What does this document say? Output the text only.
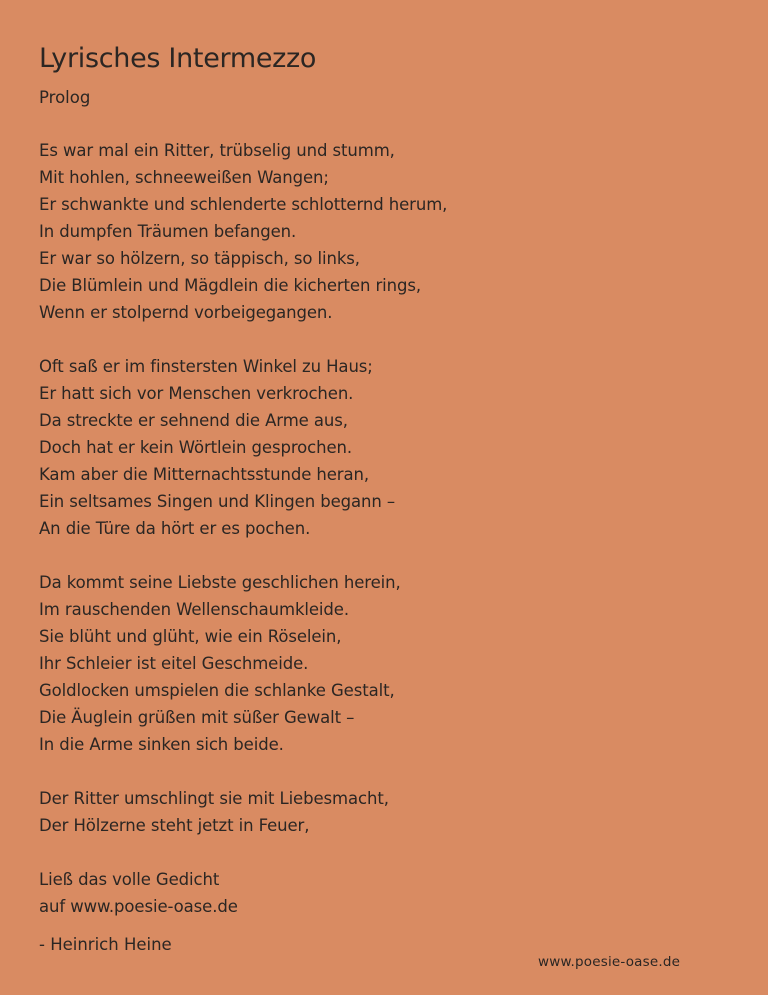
Lyrisches Intermezzo
Prolog
Es war mal ein Ritter, trübselig und stumm,
Mit hohlen, schneeweißen Wangen;
Er schwankte und schlenderte schlotternd herum,
In dumpfen Träumen befangen.
Er war so hölzern, so täppisch, so links,
Die Blümlein und Mägdlein die kicherten rings,
Wenn er stolpernd vorbeigegangen.
Oft saß er im finstersten Winkel zu Haus;
Er hatt sich vor Menschen verkrochen.
Da streckte er sehnend die Arme aus,
Doch hat er kein Wörtlein gesprochen.
Kam aber die Mitternachtsstunde heran,
Ein seltsames Singen und Klingen begann –
An die Türe da hört er es pochen.
Da kommt seine Liebste geschlichen herein,
Im rauschenden Wellenschaumkleide.
Sie blüht und glüht, wie ein Röselein,
Ihr Schleier ist eitel Geschmeide.
Goldlocken umspielen die schlanke Gestalt,
Die Äuglein grüßen mit süßer Gewalt –
In die Arme sinken sich beide.
Der Ritter umschlingt sie mit Liebesmacht,
Der Hölzerne steht jetzt in Feuer,
Ließ das volle Gedicht
auf www.poesie-oase.de
- Heinrich Heine
www.poesie-oase.de
